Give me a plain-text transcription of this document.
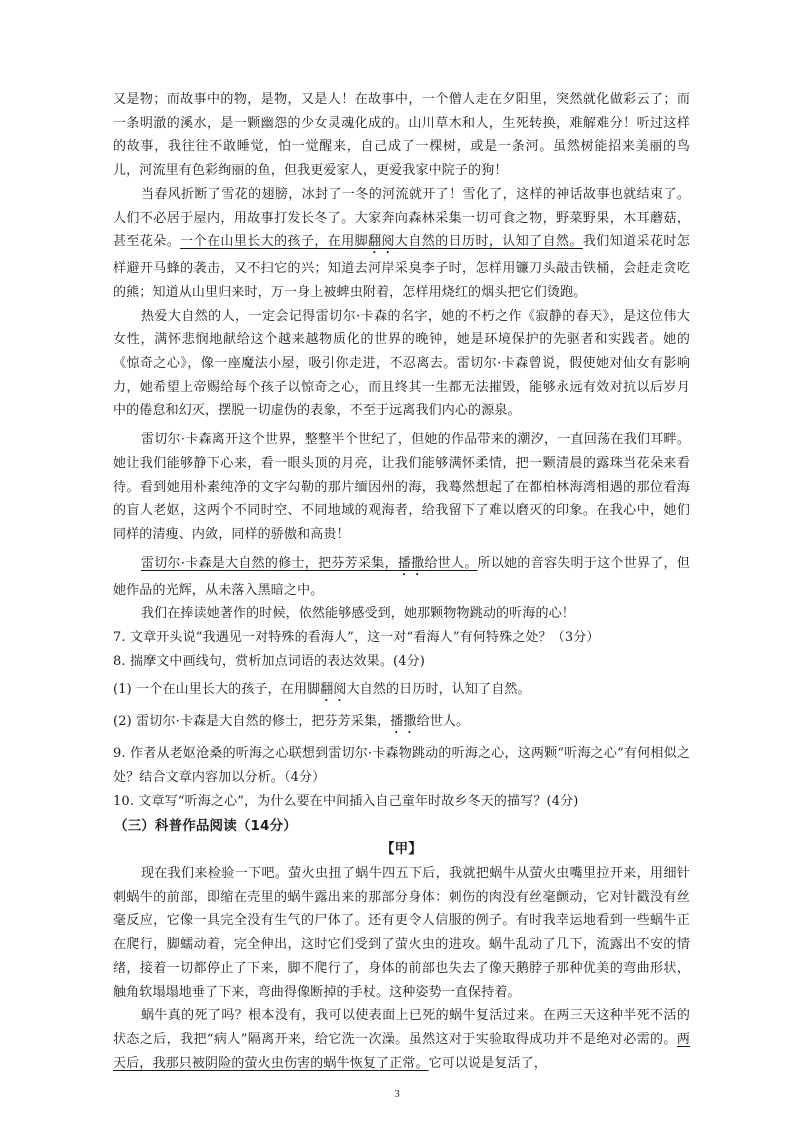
又是物；而故事中的物，是物，又是人！在故事中，一个僧人走在夕阳里，突然就化做彩云了；而一条明澈的溪水，是一颗幽怨的少女灵魂化成的。山川草木和人，生死转换，难解难分！听过这样的故事，我往往不敢睡觉，怕一觉醒来，自己成了一棵树，或是一条河。虽然树能招来美丽的鸟儿，河流里有色彩绚丽的鱼，但我更爱家人，更爱我家中院子的狗！

当春风折断了雪花的翅膀，冰封了一冬的河流就开了！雪化了，这样的神话故事也就结束了。人们不必居于屋内，用故事打发长冬了。大家奔向森林采集一切可食之物，野菜野果，木耳蘑菇，甚至花朵。一个在山里长大的孩子，在用脚翻阅大自然的日历时，认知了自然。我们知道采花时怎样避开马蜂的袭击，又不扫它的兴；知道去河岸采臭李子时，怎样用镰刀头敲击铁桶，会赶走贪吃的熊；知道从山里归来时，万一身上被蜱虫附着，怎样用烧红的烟头把它们烫跑。

热爱大自然的人，一定会记得雷切尔·卡森的名字，她的不朽之作《寂静的春天》，是这位伟大女性，满怀悲悯地献给这个越来越物质化的世界的晚钟，她是环境保护的先驱者和实践者。她的《惊奇之心》，像一座魔法小屋，吸引你走进，不忍离去。雷切尔·卡森曾说，假使她对仙女有影响力，她希望上帝赐给每个孩子以惊奇之心，而且终其一生都无法摧毁，能够永远有效对抗以后岁月中的倦怠和幻灭，摆脱一切虚伪的表象，不至于远离我们内心的源泉。

雷切尔·卡森离开这个世界，整整半个世纪了，但她的作品带来的潮汐，一直回荡在我们耳畔。她让我们能够静下心来，看一眼头顶的月亮，让我们能够满怀柔情，把一颗清晨的露珠当花朵来看待。看到她用朴素纯净的文字勾勒的那片缅因州的海，我蓦然想起了在都柏林海湾相遇的那位看海的盲人老妪，这两个不同时空、不同地域的观海者，给我留下了难以磨灭的印象。在我心中，她们同样的清瘦、内敛，同样的骄傲和高贵！

雷切尔·卡森是大自然的修士，把芬芳采集，播撒给世人。所以她的音容失明于这个世界了，但她作品的光辉，从未落入黑暗之中。

我们在捧读她著作的时候，依然能够感受到，她那颗物物跳动的听海的心！

7. 文章开头说“我遇见一对特殊的看海人”，这一对“看海人”有何特殊之处？（3分）

8. 揣摩文中画线句，赏析加点词语的表达效果。(4分)

(1) 一个在山里长大的孩子，在用脚翻阅大自然的日历时，认知了自然。

(2) 雷切尔·卡森是大自然的修士，把芬芳采集，播撒给世人。

9. 作者从老妪沧桑的听海之心联想到雷切尔·卡森物跳动的听海之心，这两颗“听海之心”有何相似之处？结合文章内容加以分析。（4分）

10. 文章写“听海之心”，为什么要在中间插入自己童年时故乡冬天的描写？(4分)

（三）科普作品阅读（14分）

【甲】

现在我们来检验一下吧。萤火虫扭了蜗牛四五下后，我就把蜗牛从萤火虫嘴里拉开来，用细针刺蜗牛的前部，即缩在壳里的蜗牛露出来的那部分身体：刺伤的肉没有丝毫颤动，它对针戳没有丝毫反应，它像一具完全没有生气的尸体了。还有更令人信服的例子。有时我幸运地看到一些蜗牛正在爬行，脚蠕动着，完全伸出，这时它们受到了萤火虫的进攻。蜗牛乱动了几下，流露出不安的情绪，接着一切都停止了下来，脚不爬行了，身体的前部也失去了像天鹅脖子那种优美的弯曲形状，触角软塌塌地垂了下来，弯曲得像断掉的手杖。这种姿势一直保持着。

蜗牛真的死了吗？根本没有，我可以使表面上已死的蜗牛复活过来。在两三天这种半死不活的状态之后，我把“病人”隔离开来，给它洗一次澡。虽然这对于实验取得成功并不是绝对必需的。两天后，我那只被阴险的萤火虫伤害的蜗牛恢复了正常。它可以说是复活了，

3
